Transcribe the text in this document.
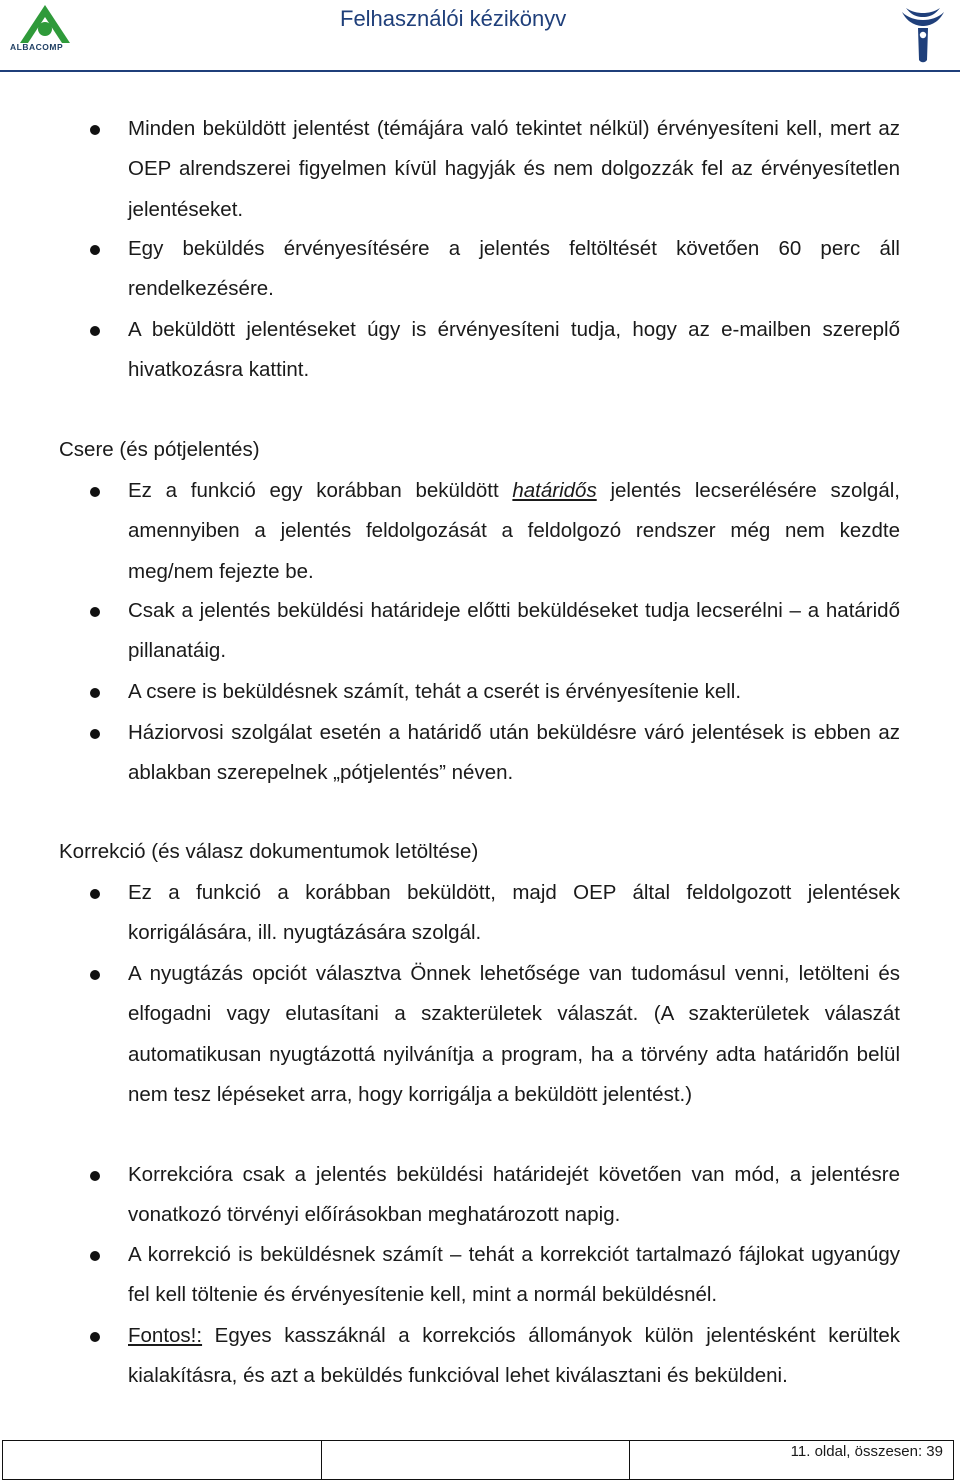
ALBACOMP
Felhasználói kézikönyv
Minden beküldött jelentést (témájára való tekintet nélkül) érvényesíteni kell, mert az OEP alrendszerei figyelmen kívül hagyják és nem dolgozzák fel az érvényesítetlen jelentéseket.
Egy beküldés érvényesítésére a jelentés feltöltését követően 60 perc áll rendelkezésére.
A beküldött jelentéseket úgy is érvényesíteni tudja, hogy az e-mailben szereplő hivatkozásra kattint.
Csere (és pótjelentés)
Ez a funkció egy korábban beküldött határidős jelentés lecserélésére szolgál, amennyiben a jelentés feldolgozását a feldolgozó rendszer még nem kezdte meg/nem fejezte be.
Csak a jelentés beküldési határideje előtti beküldéseket tudja lecserélni – a határidő pillanatáig.
A csere is beküldésnek számít, tehát a cserét is érvényesítenie kell.
Háziorvosi szolgálat esetén a határidő után beküldésre váró jelentések is ebben az ablakban szerepelnek „pótjelentés” néven.
Korrekció (és válasz dokumentumok letöltése)
Ez a funkció a korábban beküldött, majd OEP által feldolgozott jelentések korrigálására, ill. nyugtázására szolgál.
A nyugtázás opciót választva Önnek lehetősége van tudomásul venni, letölteni és elfogadni vagy elutasítani a szakterületek válaszát. (A szakterületek válaszát automatikusan nyugtázottá nyilvánítja a program, ha a törvény adta határidőn belül nem tesz lépéseket arra, hogy korrigálja a beküldött jelentést.)
Korrekcióra csak a jelentés beküldési határidejét követően van mód, a jelentésre vonatkozó törvényi előírásokban meghatározott napig.
A korrekció is beküldésnek számít – tehát a korrekciót tartalmazó fájlokat ugyanúgy fel kell töltenie és érvényesítenie kell, mint a normál beküldésnél.
Fontos!: Egyes kasszáknál a korrekciós állományok külön jelentésként kerültek kialakításra, és azt a beküldés funkcióval lehet kiválasztani és beküldeni.
11. oldal, összesen: 39
